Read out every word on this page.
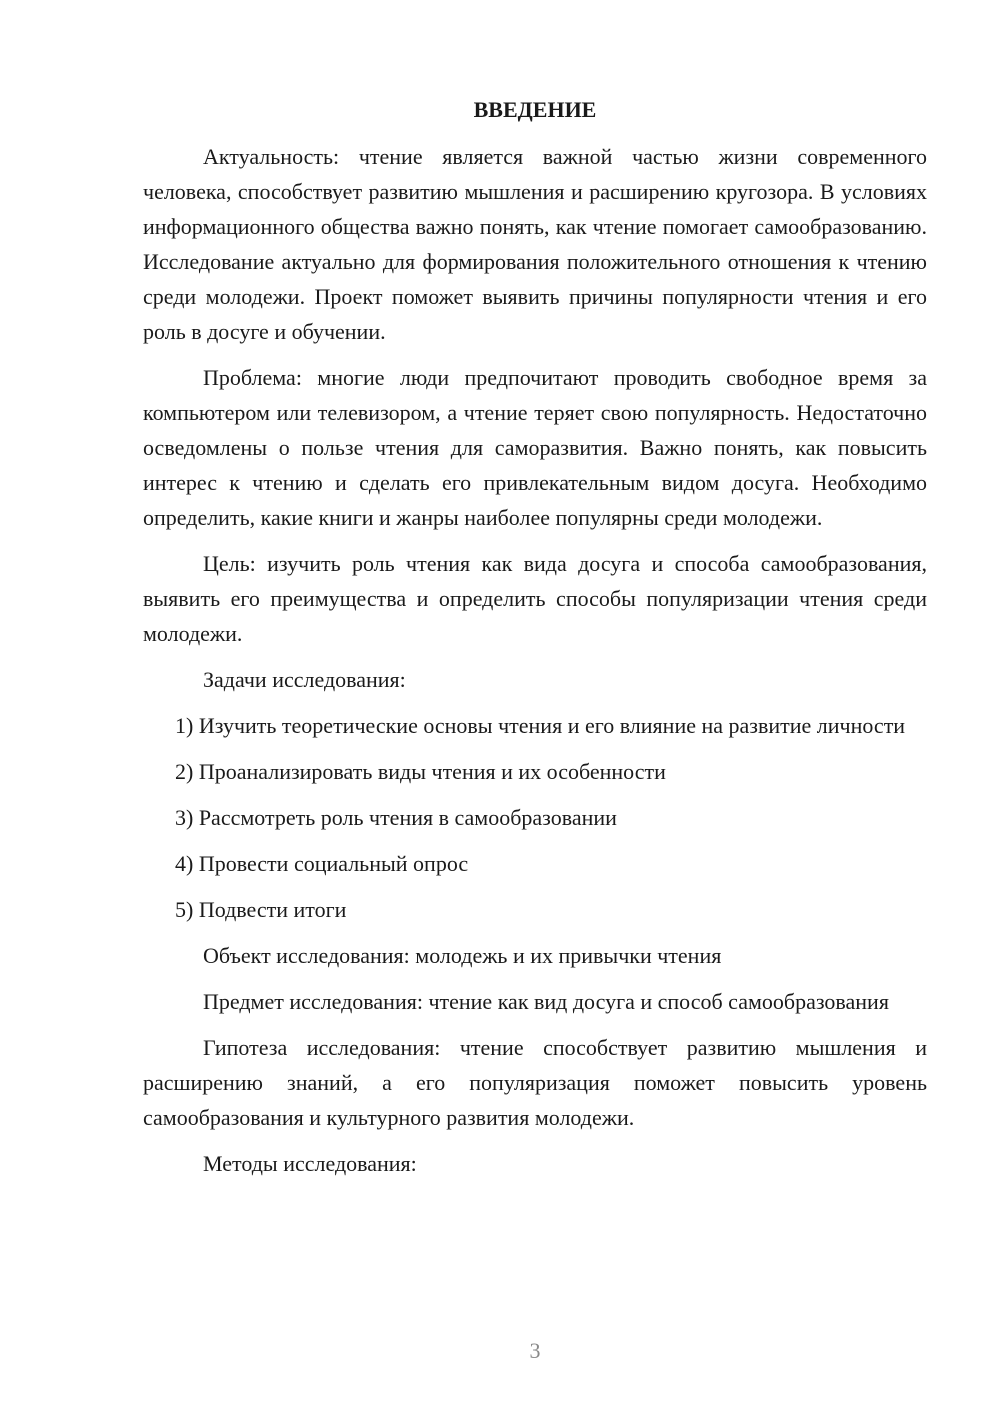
ВВЕДЕНИЕ

Актуальность: чтение является важной частью жизни современного человека, способствует развитию мышления и расширению кругозора. В условиях информационного общества важно понять, как чтение помогает самообразованию. Исследование актуально для формирования положительного отношения к чтению среди молодежи. Проект поможет выявить причины популярности чтения и его роль в досуге и обучении.

Проблема: многие люди предпочитают проводить свободное время за компьютером или телевизором, а чтение теряет свою популярность. Недостаточно осведомлены о пользе чтения для саморазвития. Важно понять, как повысить интерес к чтению и сделать его привлекательным видом досуга. Необходимо определить, какие книги и жанры наиболее популярны среди молодежи.

Цель: изучить роль чтения как вида досуга и способа самообразования, выявить его преимущества и определить способы популяризации чтения среди молодежи.

Задачи исследования:

1) Изучить теоретические основы чтения и его влияние на развитие личности

2) Проанализировать виды чтения и их особенности

3) Рассмотреть роль чтения в самообразовании

4) Провести социальный опрос

5) Подвести итоги

Объект исследования: молодежь и их привычки чтения

Предмет исследования: чтение как вид досуга и способ самообразования

Гипотеза исследования: чтение способствует развитию мышления и расширению знаний, а его популяризация поможет повысить уровень самообразования и культурного развития молодежи.

Методы исследования:

3
